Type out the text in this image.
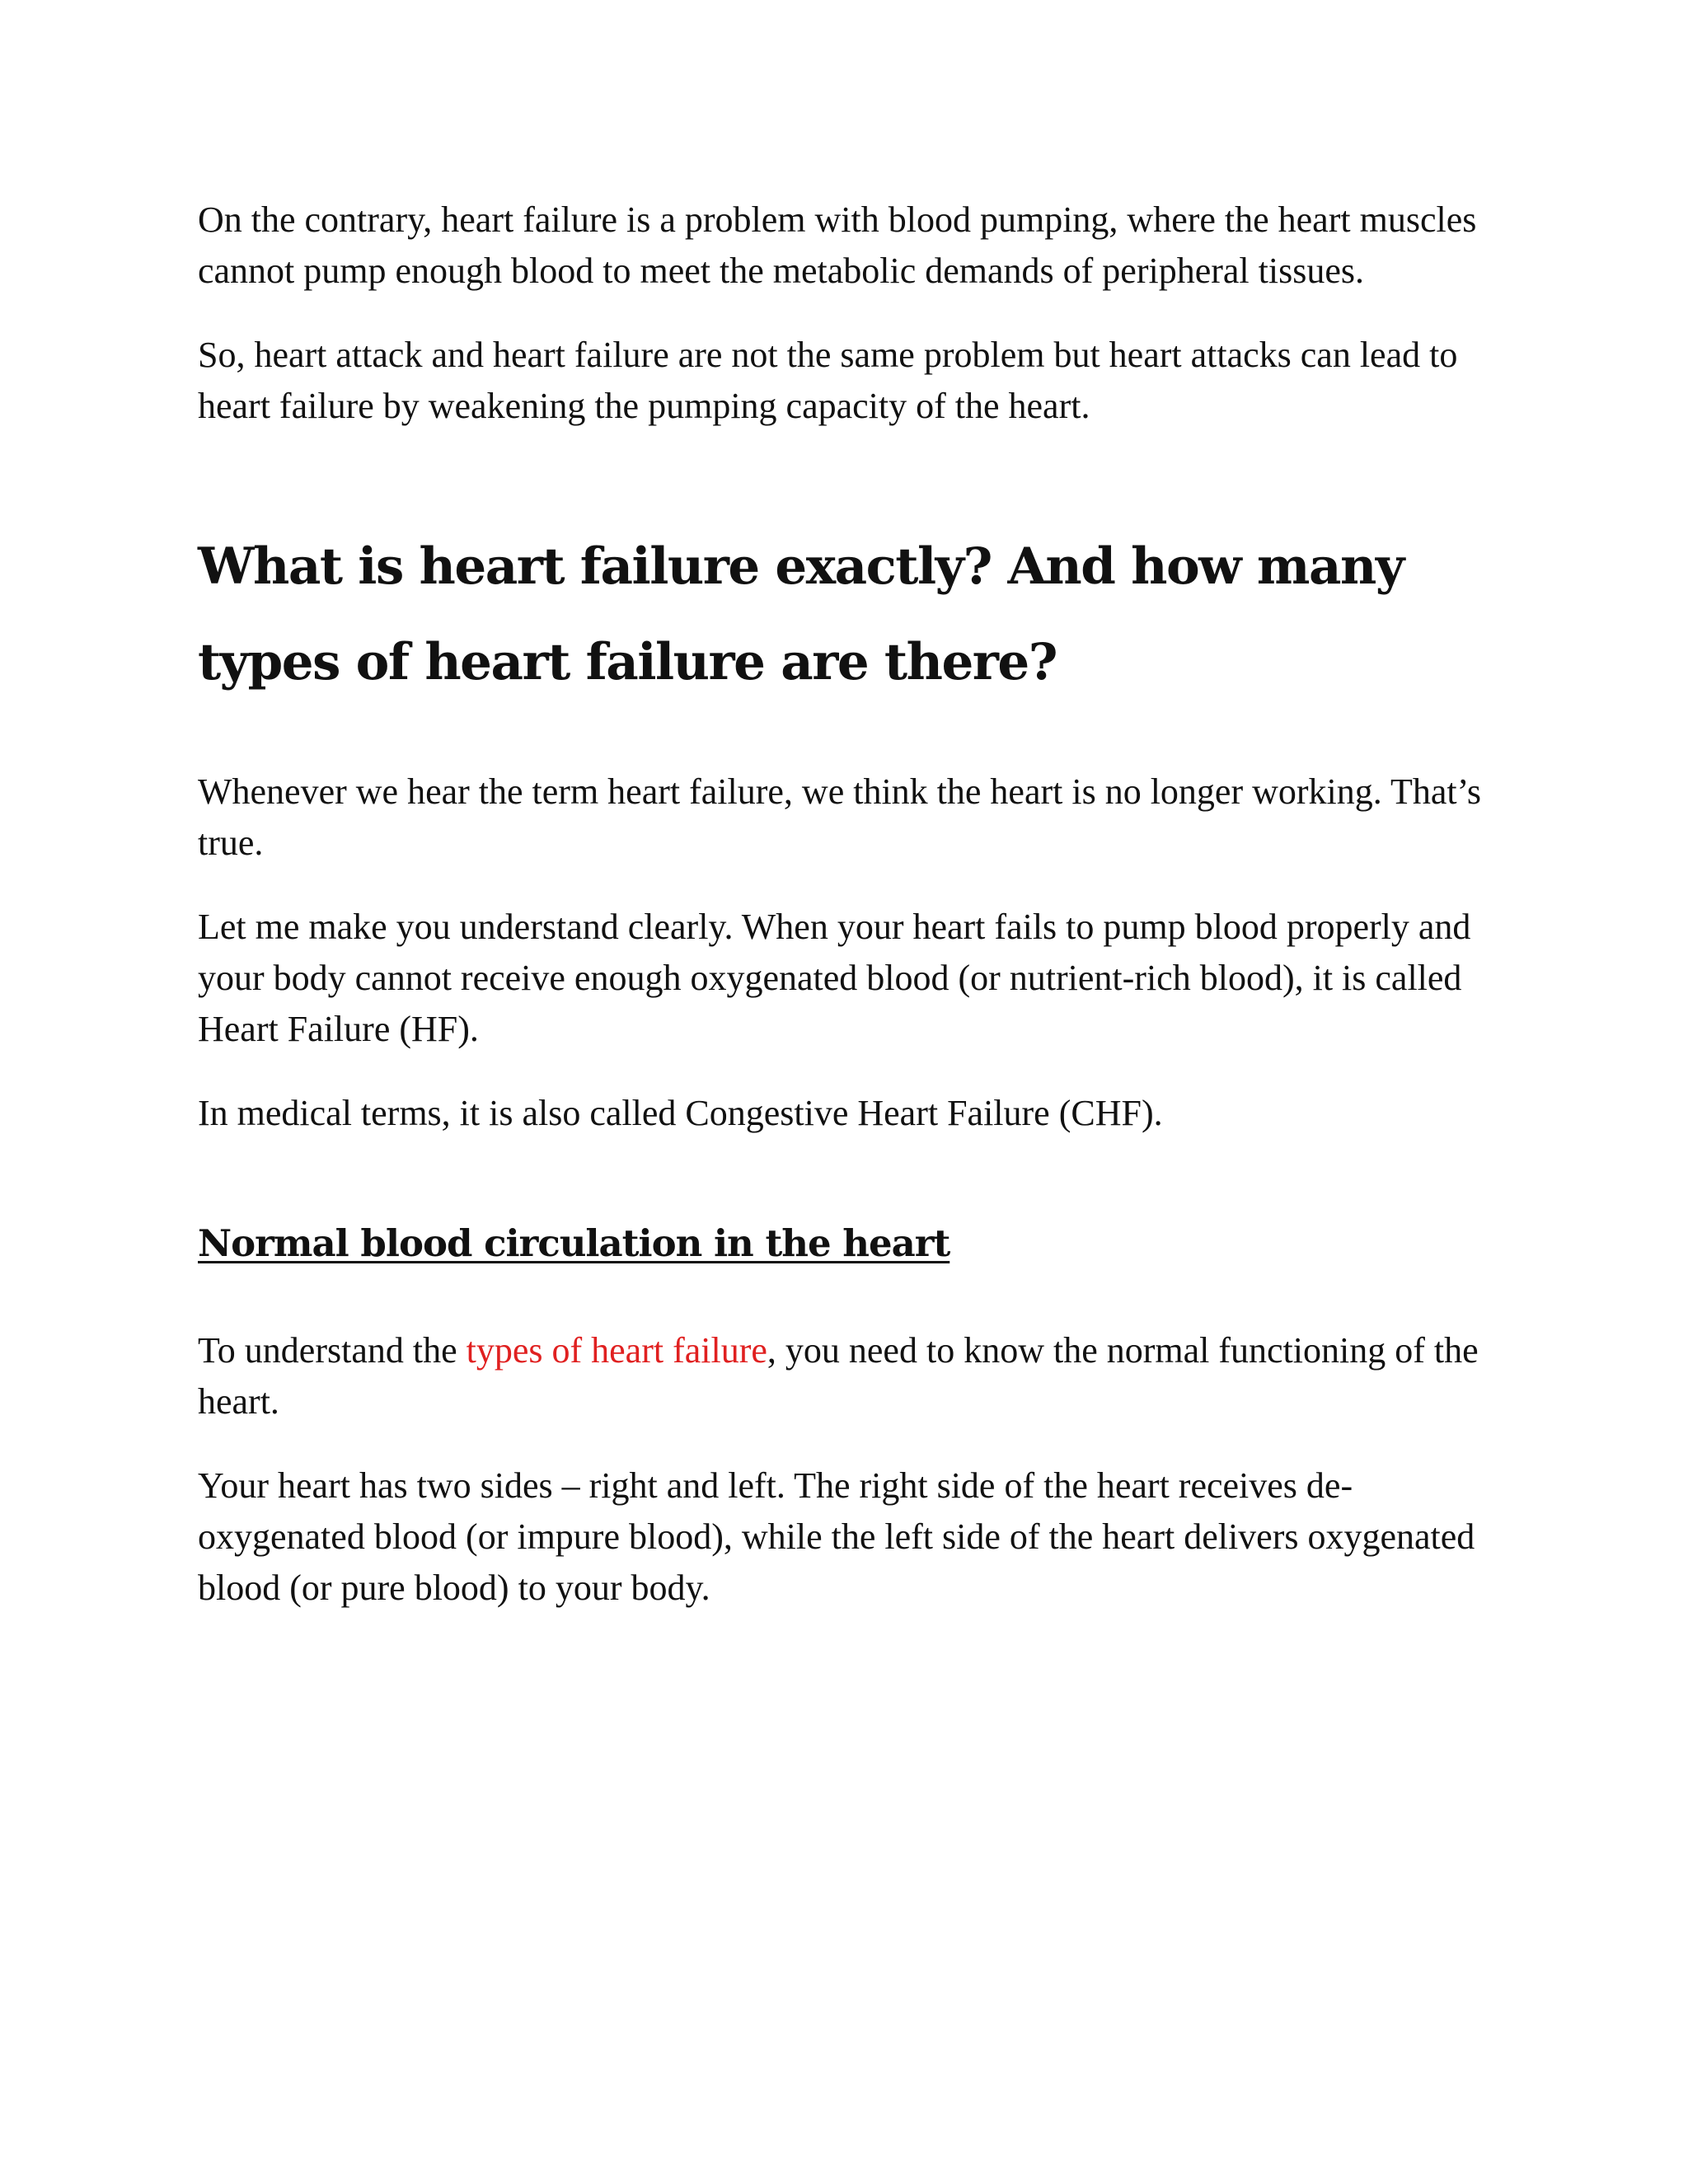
On the contrary, heart failure is a problem with blood pumping, where the heart muscles cannot pump enough blood to meet the metabolic demands of peripheral tissues.

So, heart attack and heart failure are not the same problem but heart attacks can lead to heart failure by weakening the pumping capacity of the heart.

What is heart failure exactly? And how many types of heart failure are there?

Whenever we hear the term heart failure, we think the heart is no longer working. That’s true.

Let me make you understand clearly. When your heart fails to pump blood properly and your body cannot receive enough oxygenated blood (or nutrient-rich blood), it is called Heart Failure (HF).

In medical terms, it is also called Congestive Heart Failure (CHF).

Normal blood circulation in the heart

To understand the types of heart failure, you need to know the normal functioning of the heart.

Your heart has two sides – right and left. The right side of the heart receives de-oxygenated blood (or impure blood), while the left side of the heart delivers oxygenated blood (or pure blood) to your body.
